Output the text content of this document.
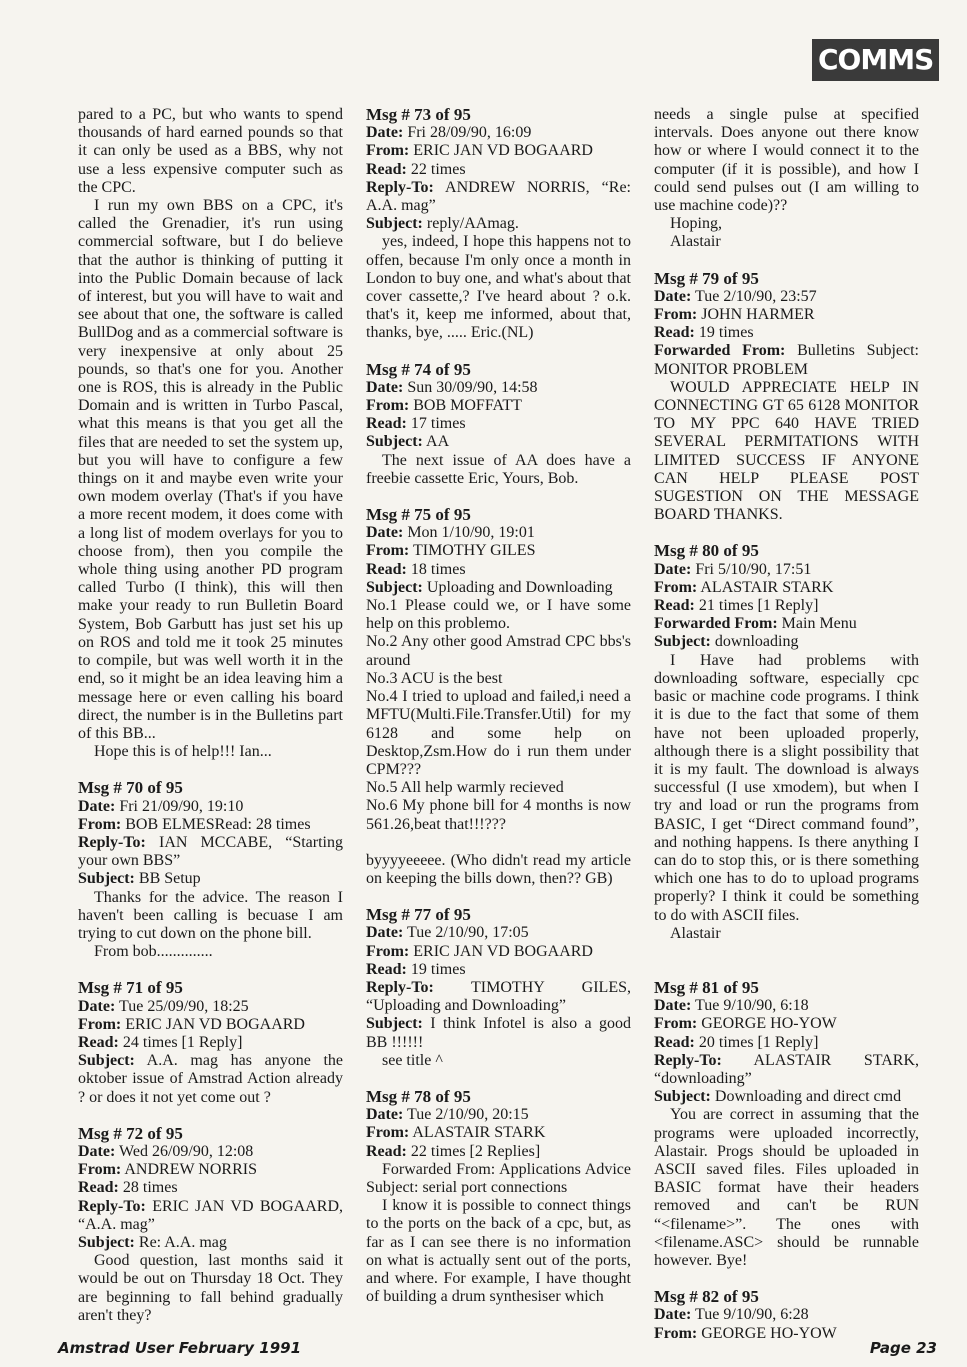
COMMS

pared to a PC, but who wants to spend thousands of hard earned pounds so that it can only be used as a BBS, why not use a less expensive computer such as the CPC.

I run my own BBS on a CPC, it's called the Grenadier, it's run using commercial software, but I do believe that the author is thinking of putting it into the Public Domain because of lack of interest, but you will have to wait and see about that one, the software is called BullDog and as a commercial software is very inexpensive at only about 25 pounds, so that's one for you. Another one is ROS, this is already in the Public Domain and is written in Turbo Pascal, what this means is that you get all the files that are needed to set the system up, but you will have to configure a few things on it and maybe even write your own modem overlay (That's if you have a more recent modem, it does come with a long list of modem overlays for you to choose from), then you compile the whole thing using another PD program called Turbo (I think), this will then make your ready to run Bulletin Board System, Bob Garbutt has just set his up on ROS and told me it took 25 minutes to compile, but was well worth it in the end, so it might be an idea leaving him a message here or even calling his board direct, the number is in the Bulletins part of this BB...

Hope this is of help!!! Ian...

Msg # 70 of 95

Date: Fri 21/09/90, 19:10

From: BOB ELMESRead: 28 times

Reply-To: IAN MCCABE, “Starting your own BBS”

Subject: BB Setup

Thanks for the advice. The reason I haven't been calling is becuase I am trying to cut down on the phone bill.

From bob..............

Msg # 71 of 95

Date: Tue 25/09/90, 18:25

From: ERIC JAN VD BOGAARD

Read: 24 times [1 Reply]

Subject: A.A. mag has anyone the oktober issue of Amstrad Action already ? or does it not yet come out ?

Msg # 72 of 95

Date: Wed 26/09/90, 12:08

From: ANDREW NORRIS

Read: 28 times

Reply-To: ERIC JAN VD BOGAARD, “A.A. mag”

Subject: Re: A.A. mag

Good question, last months said it would be out on Thursday 18 Oct. They are beginning to fall behind gradually aren't they?

Msg # 73 of 95

Date: Fri 28/09/90, 16:09

From: ERIC JAN VD BOGAARD

Read: 22 times

Reply-To: ANDREW NORRIS, “Re: A.A. mag”

Subject: reply/AAmag.

yes, indeed, I hope this happens not to offen, because I'm only once a month in London to buy one, and what's about that cover cassette,? I've heard about ? o.k. that's it, keep me informed, about that, thanks, bye, ..... Eric.(NL)

Msg # 74 of 95

Date: Sun 30/09/90, 14:58

From: BOB MOFFATT

Read: 17 times

Subject: AA

The next issue of AA does have a freebie cassette Eric, Yours, Bob.

Msg # 75 of 95

Date: Mon 1/10/90, 19:01

From: TIMOTHY GILES

Read: 18 times

Subject: Uploading and Downloading

No.1 Please could we, or I have some help on this problemo.

No.2 Any other good Amstrad CPC bbs's around

No.3 ACU is the best

No.4 I tried to upload and failed,i need a MFTU(Multi.File.Transfer.Util) for my 6128 and some help on Desktop,Zsm.How do i run them under CPM???

No.5 All help warmly recieved

No.6 My phone bill for 4 months is now 561.26,beat that!!!???

byyyyeeeee. (Who didn't read my article on keeping the bills down, then?? GB)

Msg # 77 of 95

Date: Tue 2/10/90, 17:05

From: ERIC JAN VD BOGAARD

Read: 19 times

Reply-To: TIMOTHY GILES, “Uploading and Downloading”

Subject: I think Infotel is also a good BB !!!!!!

see title ^

Msg # 78 of 95

Date: Tue 2/10/90, 20:15

From: ALASTAIR STARK

Read: 22 times [2 Replies]

Forwarded From: Applications Advice Subject: serial port connections

I know it is possible to connect things to the ports on the back of a cpc, but, as far as I can see there is no information on what is actually sent out of the ports, and where. For example, I have thought of building a drum synthesiser which

needs a single pulse at specified intervals. Does anyone out there know how or where I would connect it to the computer (if it is possible), and how I could send pulses out (I am willing to use machine code)??

Hoping,

Alastair

Msg # 79 of 95

Date: Tue 2/10/90, 23:57

From: JOHN HARMER

Read: 19 times

Forwarded From: Bulletins Subject: MONITOR PROBLEM

WOULD APPRECIATE HELP IN CONNECTING GT 65 6128 MONITOR TO MY PPC 640 HAVE TRIED SEVERAL PERMITATIONS WITH LIMITED SUCCESS IF ANYONE CAN HELP PLEASE POST SUGESTION ON THE MESSAGE BOARD THANKS.

Msg # 80 of 95

Date: Fri 5/10/90, 17:51

From: ALASTAIR STARK

Read: 21 times [1 Reply]

Forwarded From: Main Menu

Subject: downloading

I Have had problems with downloading software, especially cpc basic or machine code programs. I think it is due to the fact that some of them have not been uploaded properly, although there is a slight possibility that it is my fault. The download is always successful (I use xmodem), but when I try and load or run the programs from BASIC, I get “Direct command found”, and nothing happens. Is there anything I can do to stop this, or is there something which one has to do to upload programs properly? I think it could be something to do with ASCII files.

Alastair

Msg # 81 of 95

Date: Tue 9/10/90, 6:18

From: GEORGE HO-YOW

Read: 20 times [1 Reply]

Reply-To: ALASTAIR STARK, “downloading”

Subject: Downloading and direct cmd

You are correct in assuming that the programs were uploaded incorrectly, Alastair. Progs should be uploaded in ASCII saved files. Files uploaded in BASIC format have their headers removed and can't be RUN “<filename>”. The ones with <filename.ASC> should be runnable however. Bye!

Msg # 82 of 95

Date: Tue 9/10/90, 6:28

From: GEORGE HO-YOW

Amstrad User February 1991	Page 23
